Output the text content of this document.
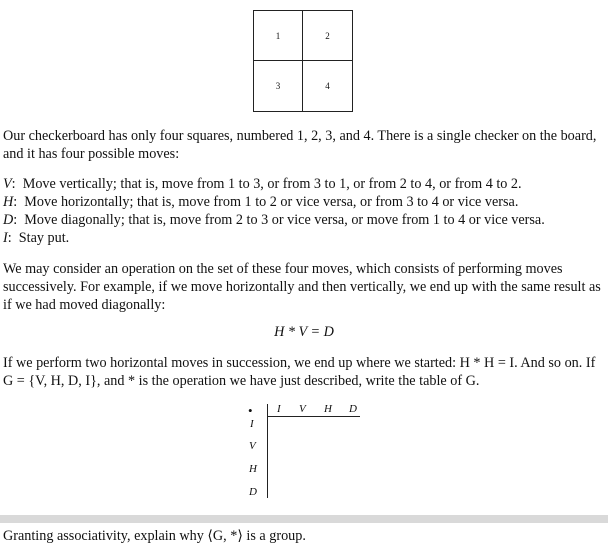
1	2
3	4
Our checkerboard has only four squares, numbered 1, 2, 3, and 4. There is a single checker on the board,
and it has four possible moves:
V:  Move vertically; that is, move from 1 to 3, or from 3 to 1, or from 2 to 4, or from 4 to 2.
H:  Move horizontally; that is, move from 1 to 2 or vice versa, or from 3 to 4 or vice versa.
D:  Move diagonally; that is, move from 2 to 3 or vice versa, or move from 1 to 4 or vice versa.
I:  Stay put.
We may consider an operation on the set of these four moves, which consists of performing moves
successively. For example, if we move horizontally and then vertically, we end up with the same result as
if we had moved diagonally:
H * V = D
If we perform two horizontal moves in succession, we end up where we started: H * H = I. And so on. If
G = {V, H, D, I}, and * is the operation we have just described, write the table of G.
• I V H D
I
V
H
D
Granting associativity, explain why ⟨G, *⟩ is a group.
